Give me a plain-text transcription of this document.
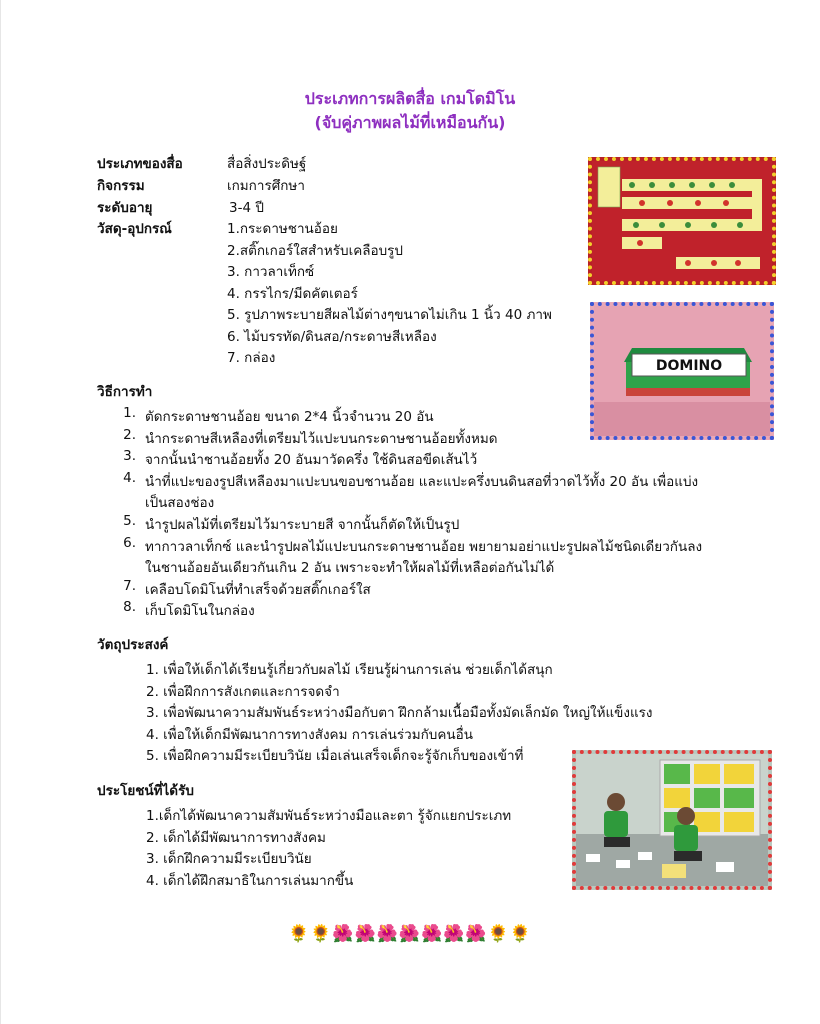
ประเภทการผลิตสื่อ เกมโดมิโน
(จับคู่ภาพผลไม้ที่เหมือนกัน)
ประเภทของสื่อ	สื่อสิ่งประดิษฐ์
กิจกรรม	เกมการศึกษา
ระดับอายุ	3-4 ปี
วัสดุ-อุปกรณ์	1.กระดาษชานอ้อย
2.สติ๊กเกอร์ใสสำหรับเคลือบรูป
3. กาวลาเท็กซ์
4. กรรไกร/มีดคัตเตอร์
5. รูปภาพระบายสีผลไม้ต่างๆขนาดไม่เกิน 1 นิ้ว 40 ภาพ
6. ไม้บรรทัด/ดินสอ/กระดาษสีเหลือง
7. กล่อง
วิธีการทำ
1. ตัดกระดาษชานอ้อย ขนาด 2*4 นิ้วจำนวน 20 อัน
2. นำกระดาษสีเหลืองที่เตรียมไว้แปะบนกระดาษชานอ้อยทั้งหมด
3. จากนั้นนำชานอ้อยทั้ง 20 อันมาวัดครึ่ง ใช้ดินสอขีดเส้นไว้
4. นำที่แปะของรูปสีเหลืองมาแปะบนขอบชานอ้อย และแปะครึ่งบนดินสอที่วาดไว้ทั้ง 20 อัน เพื่อแบ่ง
เป็นสองช่อง
5. นำรูปผลไม้ที่เตรียมไว้มาระบายสี จากนั้นก็ตัดให้เป็นรูป
6. ทากาวลาเท็กซ์ และนำรูปผลไม้แปะบนกระดาษชานอ้อย พยายามอย่าแปะรูปผลไม้ชนิดเดียวกันลง
ในชานอ้อยอันเดียวกันเกิน 2 อัน เพราะจะทำให้ผลไม้ที่เหลือต่อกันไม่ได้
7. เคลือบโดมิโนที่ทำเสร็จด้วยสติ๊กเกอร์ใส
8. เก็บโดมิโนในกล่อง
วัตถุประสงค์
1. เพื่อให้เด็กได้เรียนรู้เกี่ยวกับผลไม้ เรียนรู้ผ่านการเล่น ช่วยเด็กได้สนุก
2. เพื่อฝึกการสังเกตและการจดจำ
3. เพื่อพัฒนาความสัมพันธ์ระหว่างมือกับตา ฝึกกล้ามเนื้อมือทั้งมัดเล็กมัด ใหญ่ให้แข็งแรง
4. เพื่อให้เด็กมีพัฒนาการทางสังคม การเล่นร่วมกับคนอื่น
5. เพื่อฝึกความมีระเบียบวินัย เมื่อเล่นเสร็จเด็กจะรู้จักเก็บของเข้าที่
ประโยชน์ที่ได้รับ
1.เด็กได้พัฒนาความสัมพันธ์ระหว่างมือและตา รู้จักแยกประเภท
2. เด็กได้มีพัฒนาการทางสังคม
3. เด็กฝึกความมีระเบียบวินัย
4. เด็กได้ฝึกสมาธิในการเล่นมากขึ้น
DOMINO
🌻🌻🌺🌺🌺🌺🌺🌺🌺🌻🌻
